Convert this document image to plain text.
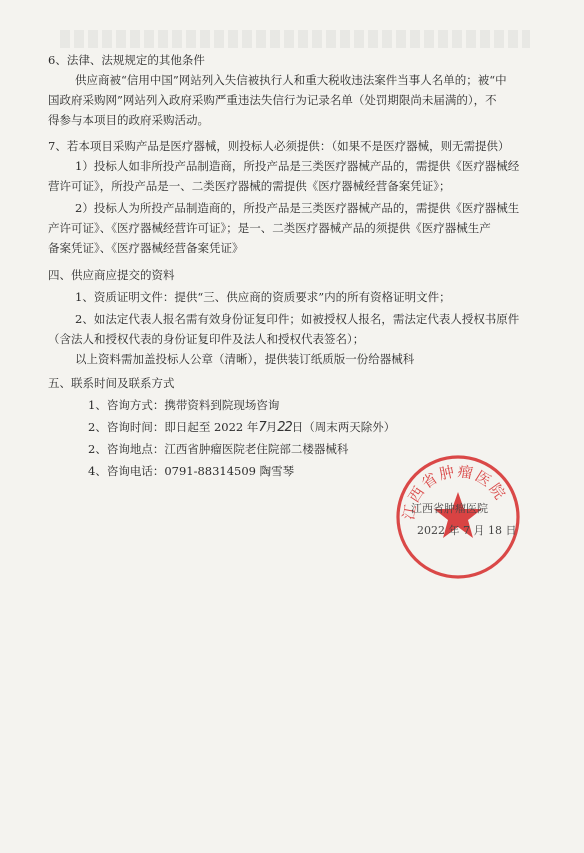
6、法律、法规规定的其他条件
供应商被“信用中国”网站列入失信被执行人和重大税收违法案件当事人名单的；被“中
国政府采购网”网站列入政府采购严重违法失信行为记录名单（处罚期限尚未届满的），不
得参与本项目的政府采购活动。
7、若本项目采购产品是医疗器械，则投标人必须提供：（如果不是医疗器械，则无需提供）
1）投标人如非所投产品制造商，所投产品是三类医疗器械产品的，需提供《医疗器械经
营许可证》，所投产品是一、二类医疗器械的需提供《医疗器械经营备案凭证》；
2）投标人为所投产品制造商的，所投产品是三类医疗器械产品的，需提供《医疗器械生
产许可证》、《医疗器械经营许可证》；是一、二类医疗器械产品的须提供《医疗器械生产
备案凭证》、《医疗器械经营备案凭证》
四、供应商应提交的资料
1、资质证明文件：提供“三、供应商的资质要求”内的所有资格证明文件；
2、如法定代表人报名需有效身份证复印件；如被授权人报名，需法定代表人授权书原件
（含法人和授权代表的身份证复印件及法人和授权代表签名）；
以上资料需加盖投标人公章（清晰），提供装订纸质版一份给器械科
五、联系时间及联系方式
1、咨询方式：携带资料到院现场咨询
2、咨询时间：即日起至 2022 年7月22日（周末两天除外）
2、咨询地点：江西省肿瘤医院老住院部二楼器械科
4、咨询电话：0791-88314509 陶雪琴
江西省肿瘤医院
江西省肿瘤医院
2022 年 7 月 18 日
